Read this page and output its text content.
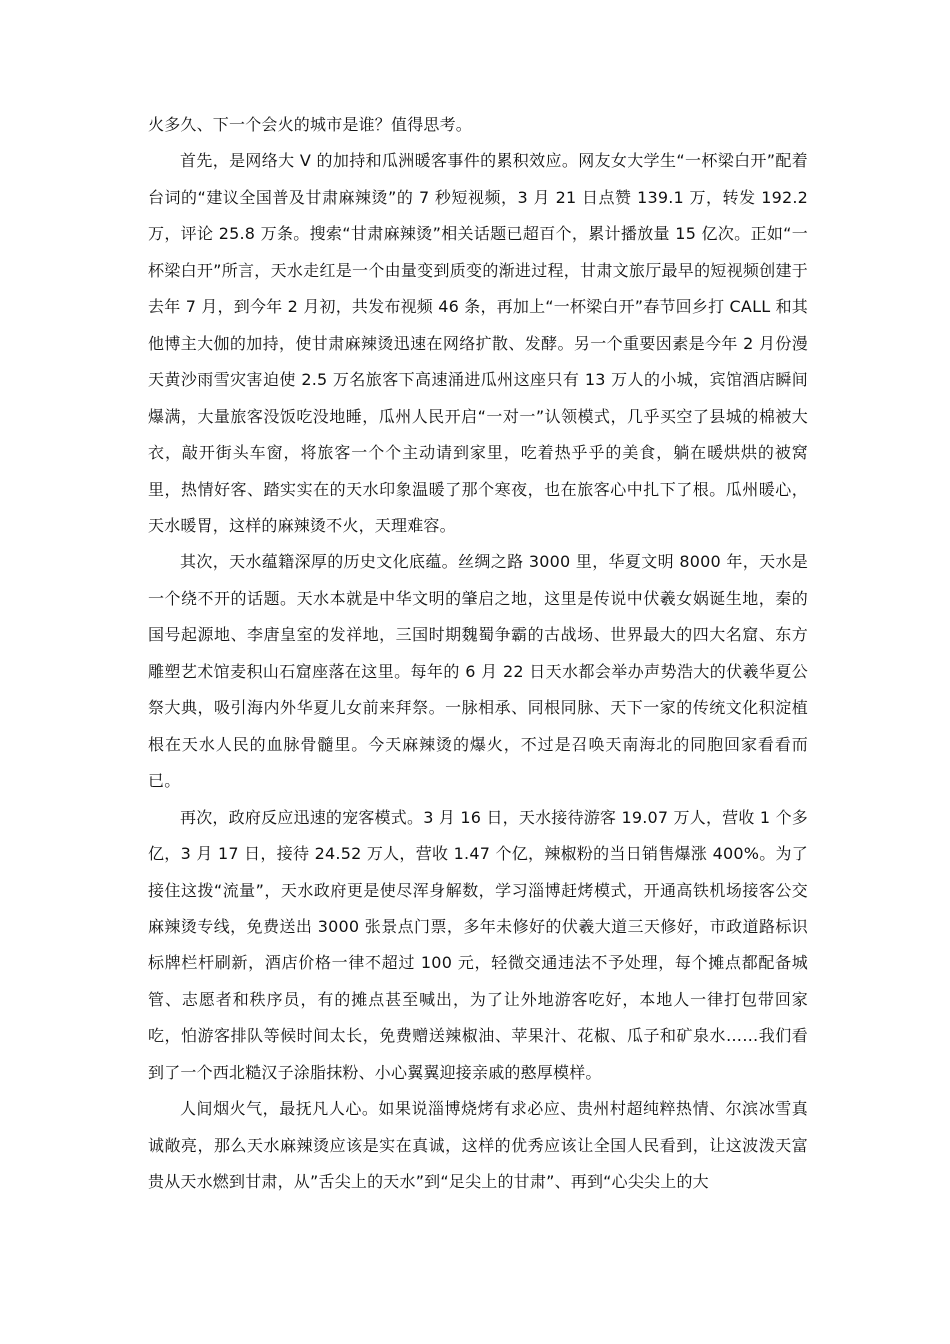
火多久、下一个会火的城市是谁？值得思考。

首先，是网络大 V 的加持和瓜洲暖客事件的累积效应。网友女大学生“一杯梁白开”配着台词的“建议全国普及甘肃麻辣烫”的 7 秒短视频，3 月 21 日点赞 139.1 万，转发 192.2 万，评论 25.8 万条。搜索“甘肃麻辣烫”相关话题已超百个，累计播放量 15 亿次。正如“一杯梁白开”所言，天水走红是一个由量变到质变的渐进过程，甘肃文旅厅最早的短视频创建于去年 7 月，到今年 2 月初，共发布视频 46 条，再加上“一杯梁白开”春节回乡打 CALL 和其他博主大伽的加持，使甘肃麻辣烫迅速在网络扩散、发酵。另一个重要因素是今年 2 月份漫天黄沙雨雪灾害迫使 2.5 万名旅客下高速涌进瓜州这座只有 13 万人的小城，宾馆酒店瞬间爆满，大量旅客没饭吃没地睡，瓜州人民开启“一对一”认领模式，几乎买空了县城的棉被大衣，敲开街头车窗，将旅客一个个主动请到家里，吃着热乎乎的美食，躺在暖烘烘的被窝里，热情好客、踏实实在的天水印象温暖了那个寒夜，也在旅客心中扎下了根。瓜州暖心，天水暖胃，这样的麻辣烫不火，天理难容。

其次，天水蕴籍深厚的历史文化底蕴。丝绸之路 3000 里，华夏文明 8000 年，天水是一个绕不开的话题。天水本就是中华文明的肇启之地，这里是传说中伏羲女娲诞生地，秦的国号起源地、李唐皇室的发祥地，三国时期魏蜀争霸的古战场、世界最大的四大名窟、东方雕塑艺术馆麦积山石窟座落在这里。每年的 6 月 22 日天水都会举办声势浩大的伏羲华夏公祭大典，吸引海内外华夏儿女前来拜祭。一脉相承、同根同脉、天下一家的传统文化积淀植根在天水人民的血脉骨髓里。今天麻辣烫的爆火，不过是召唤天南海北的同胞回家看看而已。

再次，政府反应迅速的宠客模式。3 月 16 日，天水接待游客 19.07 万人，营收 1 个多亿，3 月 17 日，接待 24.52 万人，营收 1.47 个亿，辣椒粉的当日销售爆涨 400%。为了接住这拨“流量”，天水政府更是使尽浑身解数，学习淄博赶烤模式，开通高铁机场接客公交麻辣烫专线，免费送出 3000 张景点门票，多年未修好的伏羲大道三天修好，市政道路标识标牌栏杆刷新，酒店价格一律不超过 100 元，轻微交通违法不予处理，每个摊点都配备城管、志愿者和秩序员，有的摊点甚至喊出，为了让外地游客吃好，本地人一律打包带回家吃，怕游客排队等候时间太长，免费赠送辣椒油、苹果汁、花椒、瓜子和矿泉水……我们看到了一个西北糙汉子涂脂抹粉、小心翼翼迎接亲戚的憨厚模样。

人间烟火气，最抚凡人心。如果说淄博烧烤有求必应、贵州村超纯粹热情、尔滨冰雪真诚敞亮，那么天水麻辣烫应该是实在真诚，这样的优秀应该让全国人民看到，让这波泼天富贵从天水燃到甘肃，从”舌尖上的天水”到“足尖上的甘肃”、再到“心尖尖上的大
